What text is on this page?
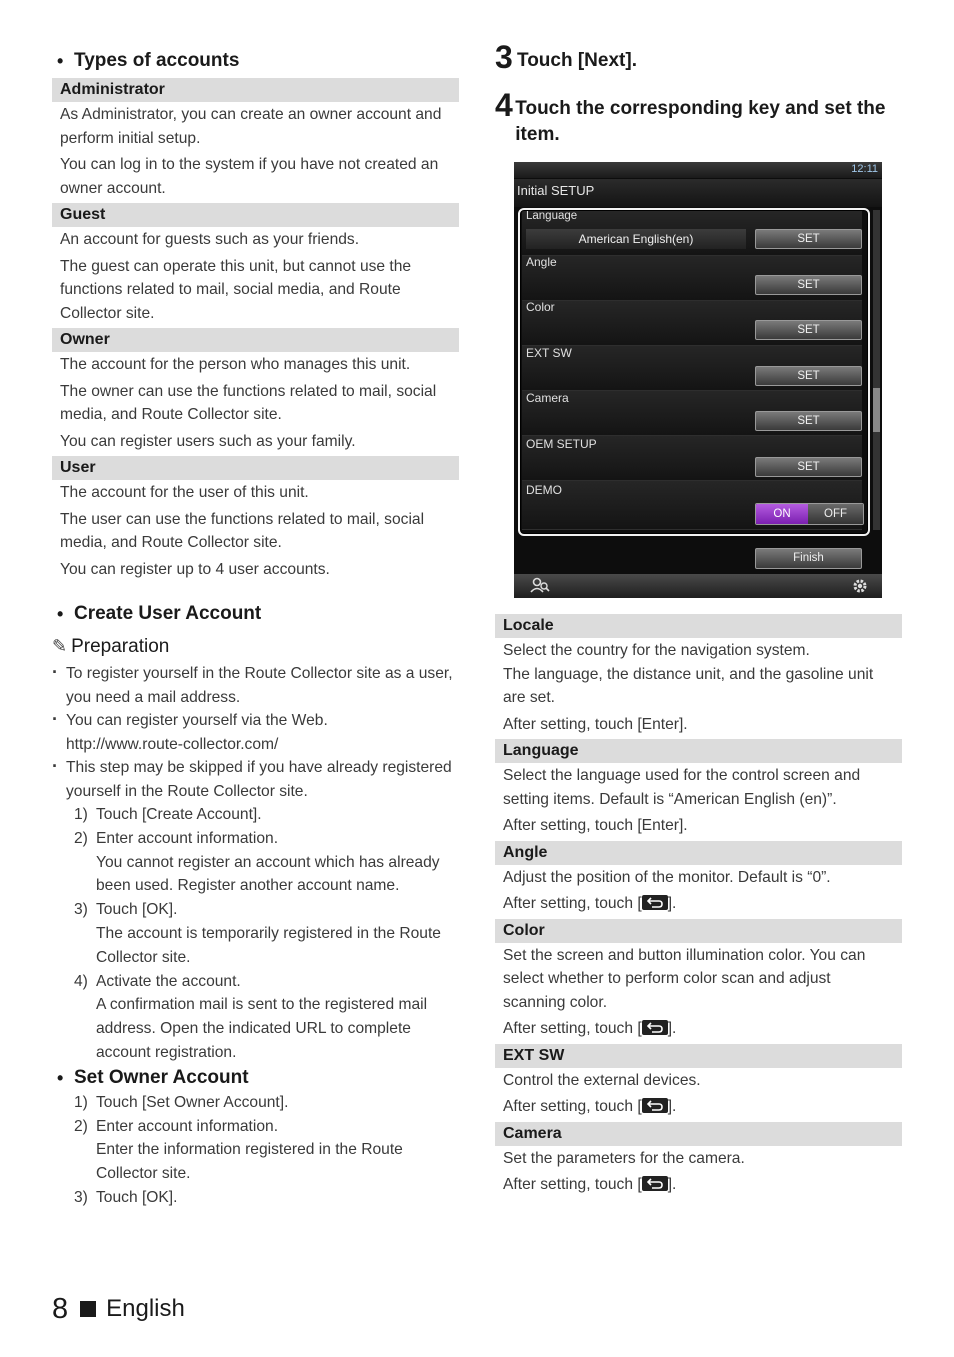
• Types of accounts
Administrator
As Administrator, you can create an owner account and perform initial setup.
You can log in to the system if you have not created an owner account.
Guest
An account for guests such as your friends.
The guest can operate this unit, but cannot use the functions related to mail, social media, and Route Collector site.
Owner
The account for the person who manages this unit.
The owner can use the functions related to mail, social media, and Route Collector site.
You can register users such as your family.
User
The account for the user of this unit.
The user can use the functions related to mail, social media, and Route Collector site.
You can register up to 4 user accounts.
• Create User Account
✎ Preparation
· To register yourself in the Route Collector site as a user, you need a mail address.
· You can register yourself via the Web.
http://www.route-collector.com/
· This step may be skipped if you have already registered yourself in the Route Collector site.
1) Touch [Create Account].
2) Enter account information.
You cannot register an account which has already been used. Register another account name.
3) Touch [OK].
The account is temporarily registered in the Route Collector site.
4) Activate the account.
A confirmation mail is sent to the registered mail address. Open the indicated URL to complete account registration.
• Set Owner Account
1) Touch [Set Owner Account].
2) Enter account information.
Enter the information registered in the Route Collector site.
3) Touch [OK].
3 Touch [Next].
4 Touch the corresponding key and set the item.
12:11
Initial SETUP
Language
American English(en)	SET
Angle
SET
Color
SET
EXT SW
SET
Camera
SET
OEM SETUP
SET
DEMO
ON	OFF
Finish
Locale
Select the country for the navigation system.
The language, the distance unit, and the gasoline unit are set.
After setting, touch [Enter].
Language
Select the language used for the control screen and setting items. Default is “American English (en)”.
After setting, touch [Enter].
Angle
Adjust the position of the monitor. Default is “0”.
After setting, touch [ ].
Color
Set the screen and button illumination color. You can select whether to perform color scan and adjust scanning color.
After setting, touch [ ].
EXT SW
Control the external devices.
After setting, touch [ ].
Camera
Set the parameters for the camera.
After setting, touch [ ].
8 English
